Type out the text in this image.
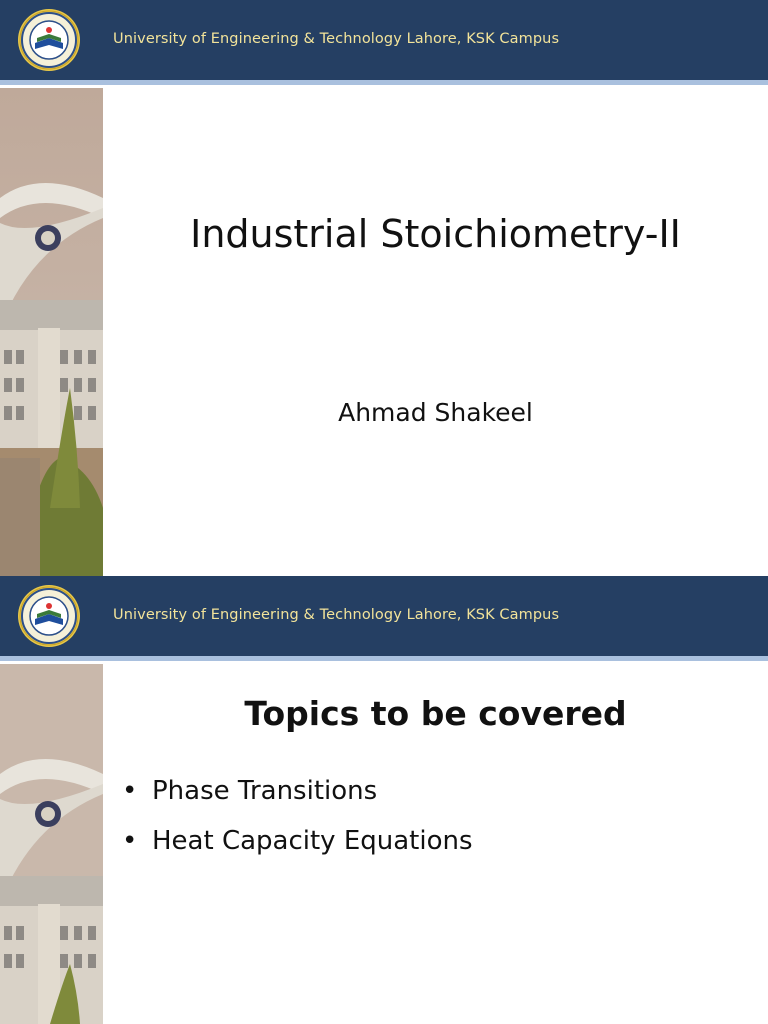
University of Engineering & Technology Lahore, KSK Campus
Industrial Stoichiometry-II
Ahmad Shakeel
University of Engineering & Technology Lahore, KSK Campus
Topics to be covered
• Phase Transitions
• Heat Capacity Equations
